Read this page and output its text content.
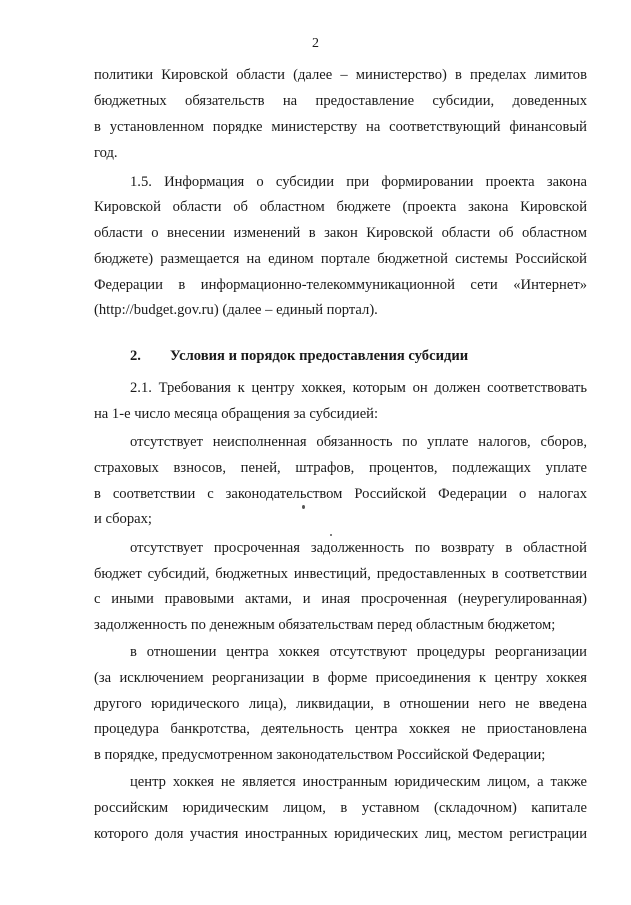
2
политики Кировской области (далее – министерство) в пределах лимитов
бюджетных обязательств на предоставление субсидии, доведенных
в установленном порядке министерству на соответствующий финансовый
год.
1.5. Информация о субсидии при формировании проекта закона
Кировской области об областном бюджете (проекта закона Кировской
области о внесении изменений в закон Кировской области об областном
бюджете) размещается на едином портале бюджетной системы Российской
Федерации в информационно-телекоммуникационной сети «Интернет»
(http://budget.gov.ru) (далее – единый портал).
2. Условия и порядок предоставления субсидии
2.1. Требования к центру хоккея, которым он должен соответствовать
на 1-е число месяца обращения за субсидией:
отсутствует неисполненная обязанность по уплате налогов, сборов,
страховых взносов, пеней, штрафов, процентов, подлежащих уплате
в соответствии с законодательством Российской Федерации о налогах
и сборах;
отсутствует просроченная задолженность по возврату в областной
бюджет субсидий, бюджетных инвестиций, предоставленных в соответствии
с иными правовыми актами, и иная просроченная (неурегулированная)
задолженность по денежным обязательствам перед областным бюджетом;
в отношении центра хоккея отсутствуют процедуры реорганизации
(за исключением реорганизации в форме присоединения к центру хоккея
другого юридического лица), ликвидации, в отношении него не введена
процедура банкротства, деятельность центра хоккея не приостановлена
в порядке, предусмотренном законодательством Российской Федерации;
центр хоккея не является иностранным юридическим лицом, а также
российским юридическим лицом, в уставном (складочном) капитале
которого доля участия иностранных юридических лиц, местом регистрации
